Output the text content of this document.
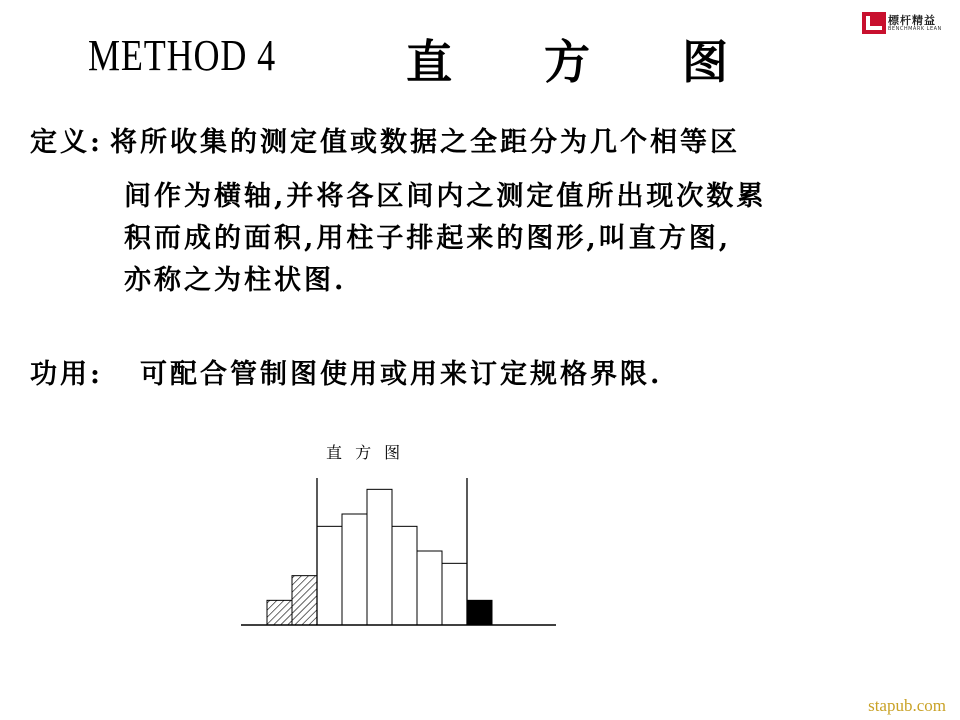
METHOD 4	直 方 图
標杆精益
BENCHMARK LEAN
定义: 将所收集的测定值或数据之全距分为几个相等区
间作为横轴,并将各区间内之测定值所出现次数累
积而成的面积,用柱子排起来的图形,叫直方图,
亦称之为柱状图.
功用: 可配合管制图使用或用来订定规格界限.
直 方 图
stapub.com
